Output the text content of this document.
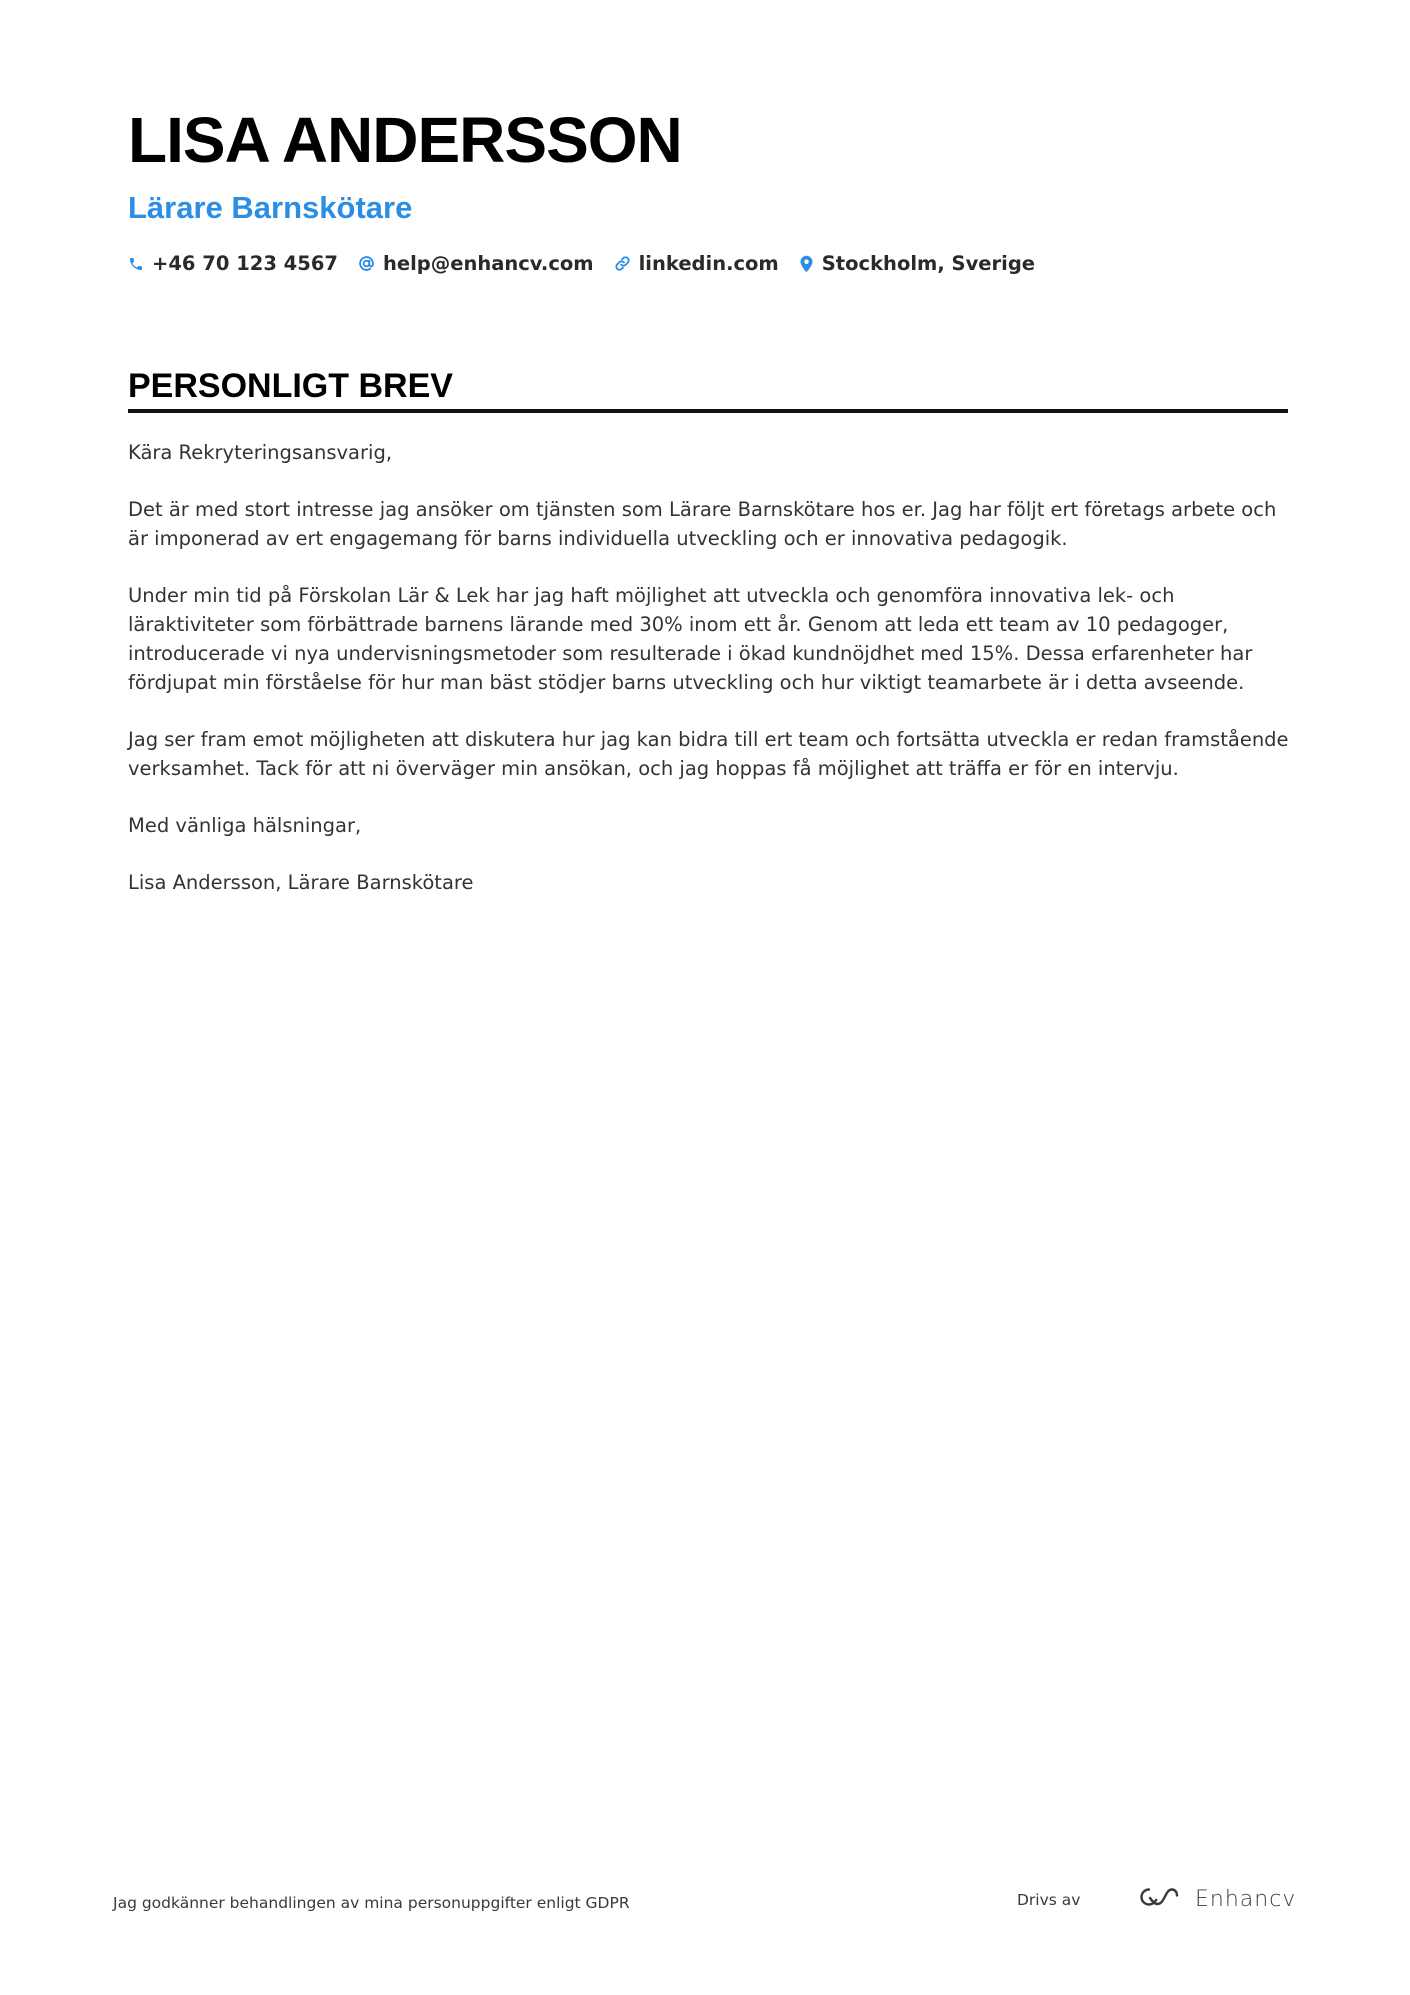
LISA ANDERSSON
Lärare Barnskötare
+46 70 123 4567 help@enhancv.com linkedin.com Stockholm, Sverige
PERSONLIGT BREV

Kära Rekryteringsansvarig,

Det är med stort intresse jag ansöker om tjänsten som Lärare Barnskötare hos er. Jag har följt ert företags arbete och är imponerad av ert engagemang för barns individuella utveckling och er innovativa pedagogik.

Under min tid på Förskolan Lär & Lek har jag haft möjlighet att utveckla och genomföra innovativa lek- och läraktiviteter som förbättrade barnens lärande med 30% inom ett år. Genom att leda ett team av 10 pedagoger, introducerade vi nya undervisningsmetoder som resulterade i ökad kundnöjdhet med 15%. Dessa erfarenheter har fördjupat min förståelse för hur man bäst stödjer barns utveckling och hur viktigt teamarbete är i detta avseende.

Jag ser fram emot möjligheten att diskutera hur jag kan bidra till ert team och fortsätta utveckla er redan framstående verksamhet. Tack för att ni överväger min ansökan, och jag hoppas få möjlighet att träffa er för en intervju.

Med vänliga hälsningar,

Lisa Andersson, Lärare Barnskötare

Jag godkänner behandlingen av mina personuppgifter enligt GDPR	Drivs av	Enhancv
